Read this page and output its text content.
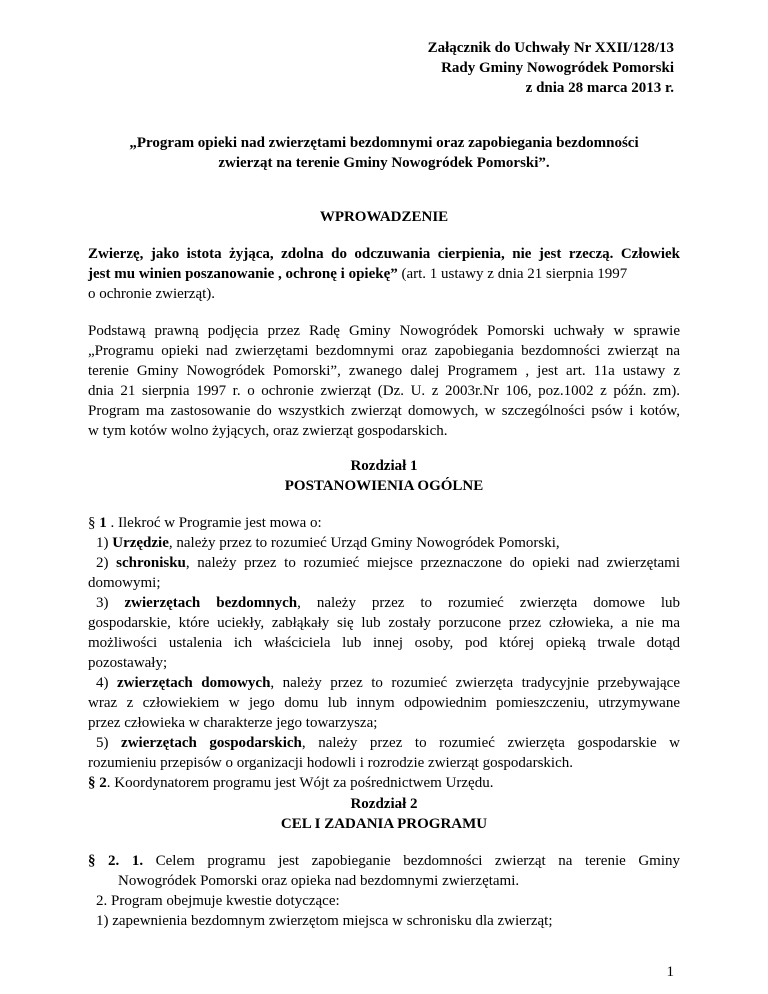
Załącznik do Uchwały Nr XXII/128/13
Rady Gminy Nowogródek Pomorski
z dnia 28 marca 2013 r.
„Program opieki nad zwierzętami bezdomnymi oraz zapobiegania bezdomności
zwierząt na terenie Gminy Nowogródek Pomorski”.
WPROWADZENIE
Zwierzę, jako istota żyjąca, zdolna do odczuwania cierpienia, nie jest rzeczą. Człowiek
jest mu winien poszanowanie , ochronę i opiekę” (art. 1 ustawy z dnia 21 sierpnia 1997
o ochronie zwierząt).
Podstawą prawną podjęcia przez Radę Gminy Nowogródek Pomorski uchwały w sprawie
„Programu opieki nad zwierzętami bezdomnymi oraz zapobiegania bezdomności zwierząt na
terenie Gminy Nowogródek Pomorski”, zwanego dalej Programem , jest art. 11a ustawy z
dnia 21 sierpnia 1997 r. o ochronie zwierząt (Dz. U. z 2003r.Nr 106, poz.1002 z późn. zm).
Program ma zastosowanie do wszystkich zwierząt domowych, w szczególności psów i kotów,
w tym kotów wolno żyjących, oraz zwierząt gospodarskich.
Rozdział 1
POSTANOWIENIA OGÓLNE
§ 1 . Ilekroć w Programie jest mowa o:
1) Urzędzie, należy przez to rozumieć Urząd Gminy Nowogródek Pomorski,
2) schronisku, należy przez to rozumieć miejsce przeznaczone do opieki nad zwierzętami
domowymi;
3) zwierzętach bezdomnych, należy przez to rozumieć zwierzęta domowe lub
gospodarskie, które uciekły, zabłąkały się lub zostały porzucone przez człowieka, a nie ma
możliwości ustalenia ich właściciela lub innej osoby, pod której opieką trwale dotąd
pozostawały;
4) zwierzętach domowych, należy przez to rozumieć zwierzęta tradycyjnie przebywające
wraz z człowiekiem w jego domu lub innym odpowiednim pomieszczeniu, utrzymywane
przez człowieka w charakterze jego towarzysza;
5) zwierzętach gospodarskich, należy przez to rozumieć zwierzęta gospodarskie w
rozumieniu przepisów o organizacji hodowli i rozrodzie zwierząt gospodarskich.
§ 2. Koordynatorem programu jest Wójt za pośrednictwem Urzędu.
Rozdział 2
CEL I ZADANIA PROGRAMU
§ 2. 1. Celem programu jest zapobieganie bezdomności zwierząt na terenie Gminy
Nowogródek Pomorski oraz opieka nad bezdomnymi zwierzętami.
2. Program obejmuje kwestie dotyczące:
1) zapewnienia bezdomnym zwierzętom miejsca w schronisku dla zwierząt;
1
